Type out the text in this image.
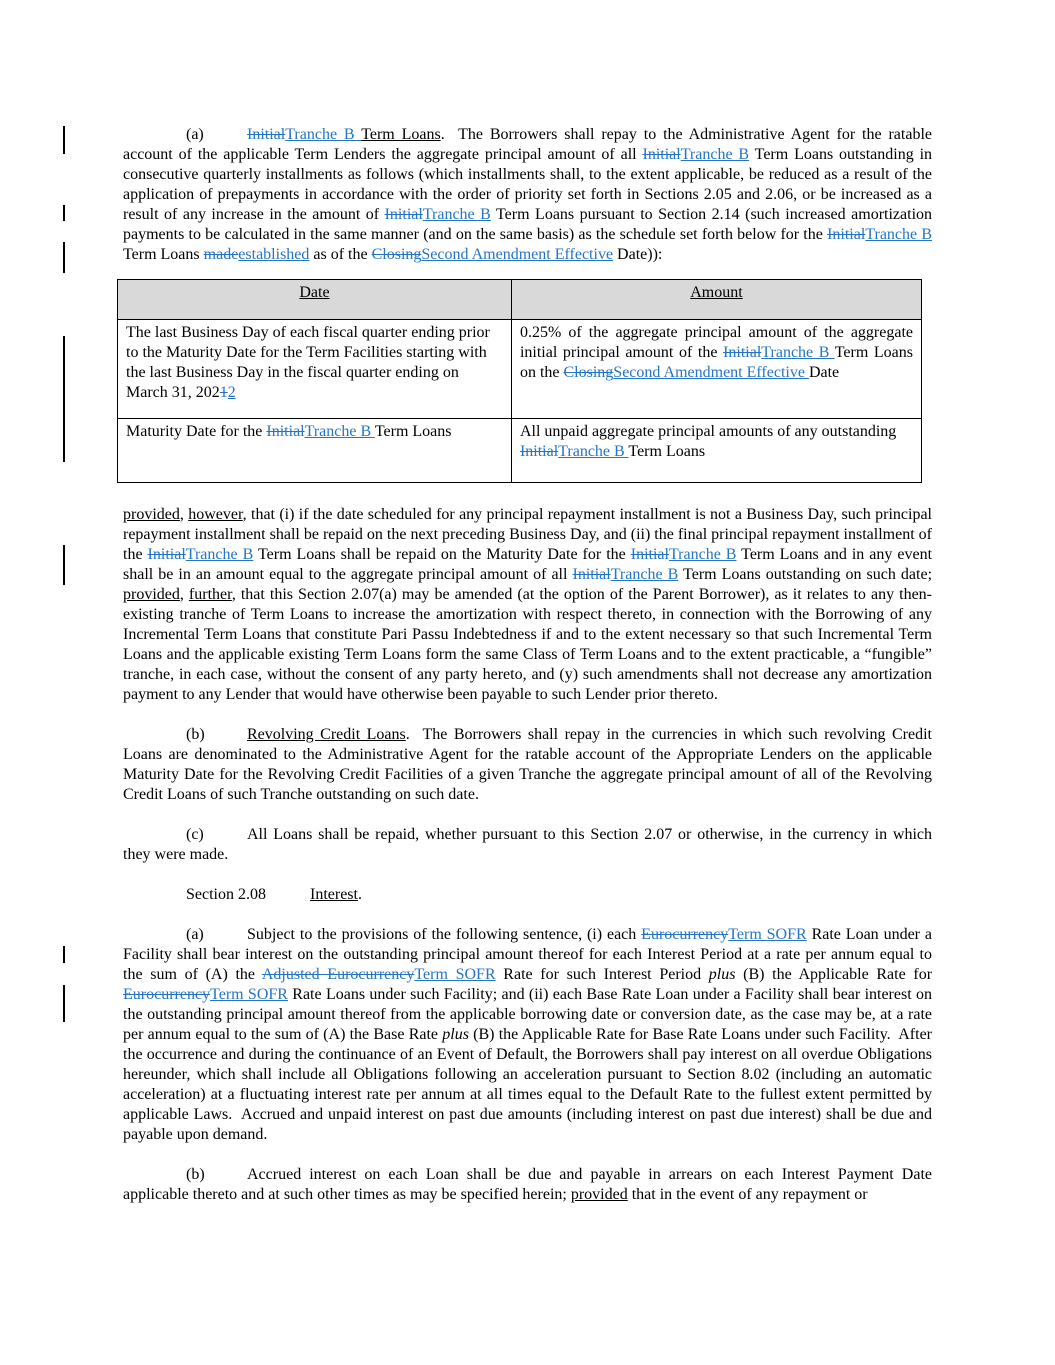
(a)	InitialTranche B Term Loans.  The Borrowers shall repay to the Administrative Agent for the ratable account of the applicable Term Lenders the aggregate principal amount of all InitialTranche B Term Loans outstanding in consecutive quarterly installments as follows (which installments shall, to the extent applicable, be reduced as a result of the application of prepayments in accordance with the order of priority set forth in Sections 2.05 and 2.06, or be increased as a result of any increase in the amount of InitialTranche B Term Loans pursuant to Section 2.14 (such increased amortization payments to be calculated in the same manner (and on the same basis) as the schedule set forth below for the InitialTranche B Term Loans madeestablished as of the ClosingSecond Amendment Effective Date)):

Date	Amount
The last Business Day of each fiscal quarter ending prior to the Maturity Date for the Term Facilities starting with the last Business Day in the fiscal quarter ending on March 31, 20212	0.25% of the aggregate principal amount of the aggregate initial principal amount of the InitialTranche B Term Loans on the ClosingSecond Amendment Effective Date
Maturity Date for the InitialTranche B Term Loans	All unpaid aggregate principal amounts of any outstanding InitialTranche B Term Loans

provided, however, that (i) if the date scheduled for any principal repayment installment is not a Business Day, such principal repayment installment shall be repaid on the next preceding Business Day, and (ii) the final principal repayment installment of the InitialTranche B Term Loans shall be repaid on the Maturity Date for the InitialTranche B Term Loans and in any event shall be in an amount equal to the aggregate principal amount of all InitialTranche B Term Loans outstanding on such date; provided, further, that this Section 2.07(a) may be amended (at the option of the Parent Borrower), as it relates to any then-existing tranche of Term Loans to increase the amortization with respect thereto, in connection with the Borrowing of any Incremental Term Loans that constitute Pari Passu Indebtedness if and to the extent necessary so that such Incremental Term Loans and the applicable existing Term Loans form the same Class of Term Loans and to the extent practicable, a “fungible” tranche, in each case, without the consent of any party hereto, and (y) such amendments shall not decrease any amortization payment to any Lender that would have otherwise been payable to such Lender prior thereto.

(b)	Revolving Credit Loans.  The Borrowers shall repay in the currencies in which such revolving Credit Loans are denominated to the Administrative Agent for the ratable account of the Appropriate Lenders on the applicable Maturity Date for the Revolving Credit Facilities of a given Tranche the aggregate principal amount of all of the Revolving Credit Loans of such Tranche outstanding on such date.

(c)	All Loans shall be repaid, whether pursuant to this Section 2.07 or otherwise, in the currency in which they were made.

Section 2.08	Interest.

(a)	Subject to the provisions of the following sentence, (i) each EurocurrencyTerm SOFR Rate Loan under a Facility shall bear interest on the outstanding principal amount thereof for each Interest Period at a rate per annum equal to the sum of (A) the Adjusted EurocurrencyTerm SOFR Rate for such Interest Period plus (B) the Applicable Rate for EurocurrencyTerm SOFR Rate Loans under such Facility; and (ii) each Base Rate Loan under a Facility shall bear interest on the outstanding principal amount thereof from the applicable borrowing date or conversion date, as the case may be, at a rate per annum equal to the sum of (A) the Base Rate plus (B) the Applicable Rate for Base Rate Loans under such Facility.  After the occurrence and during the continuance of an Event of Default, the Borrowers shall pay interest on all overdue Obligations hereunder, which shall include all Obligations following an acceleration pursuant to Section 8.02 (including an automatic acceleration) at a fluctuating interest rate per annum at all times equal to the Default Rate to the fullest extent permitted by applicable Laws.  Accrued and unpaid interest on past due amounts (including interest on past due interest) shall be due and payable upon demand.

(b)	Accrued interest on each Loan shall be due and payable in arrears on each Interest Payment Date applicable thereto and at such other times as may be specified herein; provided that in the event of any repayment or
